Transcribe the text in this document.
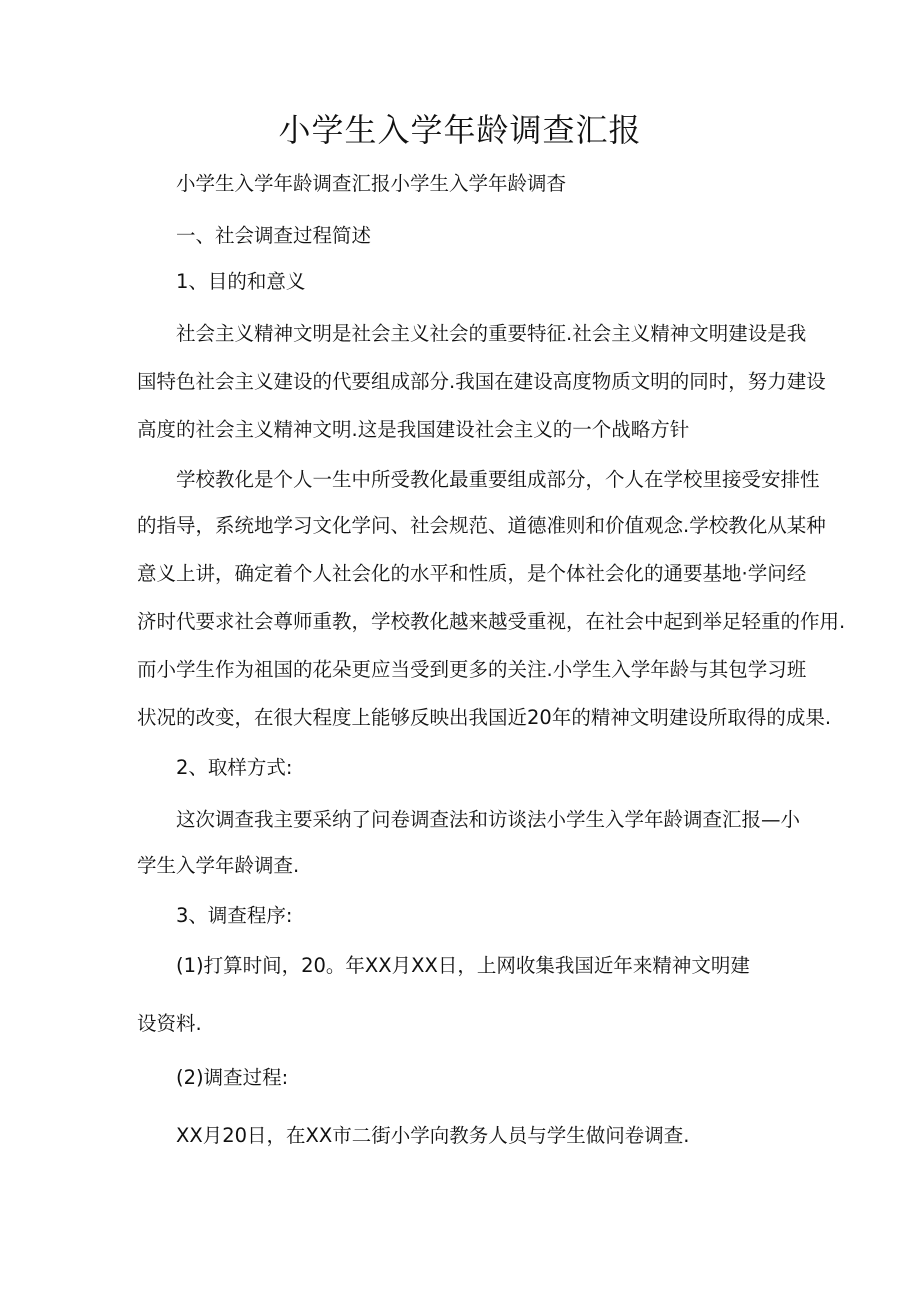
小学生入学年龄调查汇报
小学生入学年龄调查汇报小学生入学年龄调杳
一、社会调查过程简述
1、目的和意义
社会主义精神文明是社会主义社会的重要特征.社会主义精神文明建设是我
国特色社会主义建设的代要组成部分.我国在建设高度物质文明的同时，努力建设
高度的社会主义精神文明.这是我国建设社会主义的一个战略方针
学校教化是个人一生中所受教化最重要组成部分，个人在学校里接受安排性
的指导，系统地学习文化学问、社会规范、道德准则和价值观念.学校教化从某种
意义上讲，确定着个人社会化的水平和性质，是个体社会化的通要基地·学问经
济时代要求社会尊师重教，学校教化越来越受重视，在社会中起到举足轻重的作用.
而小学生作为祖国的花朵更应当受到更多的关注.小学生入学年龄与其包学习班
状况的改变，在很大程度上能够反映出我国近20年的精神文明建设所取得的成果.
2、取样方式:
这次调查我主要采纳了问卷调查法和访谈法小学生入学年龄调查汇报—小
学生入学年龄调查.
3、调查程序:
(1)打算时间，20。年XX月XX日，上网收集我国近年来精神文明建
设资料.
(2)调查过程:
XX月20日，在XX市二街小学向教务人员与学生做问卷调查.
